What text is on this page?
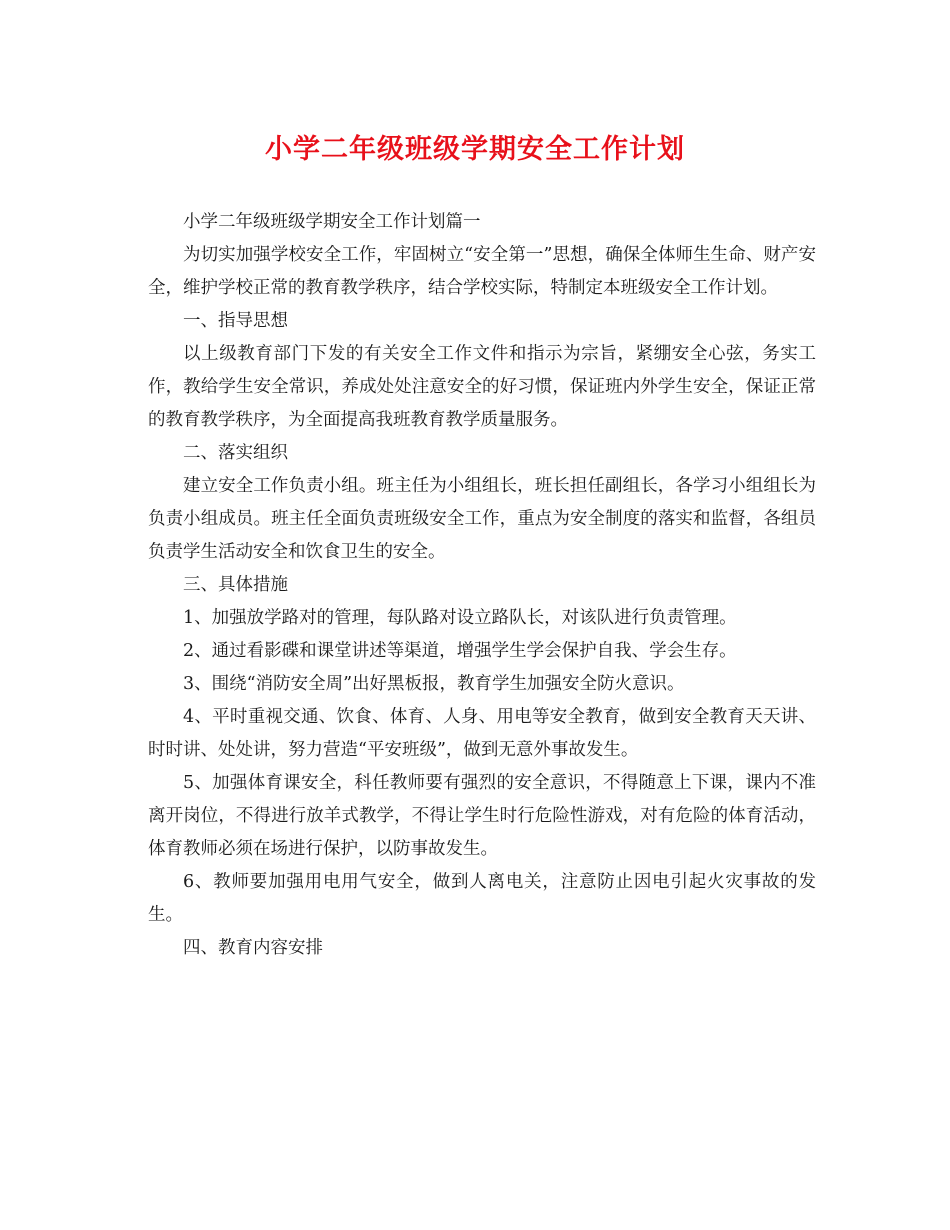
小学二年级班级学期安全工作计划

小学二年级班级学期安全工作计划篇一

为切实加强学校安全工作，牢固树立“安全第一”思想，确保全体师生生命、财产安全，维护学校正常的教育教学秩序，结合学校实际，特制定本班级安全工作计划。

一、指导思想

以上级教育部门下发的有关安全工作文件和指示为宗旨，紧绷安全心弦，务实工作，教给学生安全常识，养成处处注意安全的好习惯，保证班内外学生安全，保证正常的教育教学秩序，为全面提高我班教育教学质量服务。

二、落实组织

建立安全工作负责小组。班主任为小组组长，班长担任副组长，各学习小组组长为负责小组成员。班主任全面负责班级安全工作，重点为安全制度的落实和监督，各组员负责学生活动安全和饮食卫生的安全。

三、具体措施

1、加强放学路对的管理，每队路对设立路队长，对该队进行负责管理。

2、通过看影碟和课堂讲述等渠道，增强学生学会保护自我、学会生存。

3、围绕“消防安全周”出好黑板报，教育学生加强安全防火意识。

4、平时重视交通、饮食、体育、人身、用电等安全教育，做到安全教育天天讲、时时讲、处处讲，努力营造“平安班级”，做到无意外事故发生。

5、加强体育课安全，科任教师要有强烈的安全意识，不得随意上下课，课内不准离开岗位，不得进行放羊式教学，不得让学生时行危险性游戏，对有危险的体育活动，体育教师必须在场进行保护，以防事故发生。

6、教师要加强用电用气安全，做到人离电关，注意防止因电引起火灾事故的发生。

四、教育内容安排
